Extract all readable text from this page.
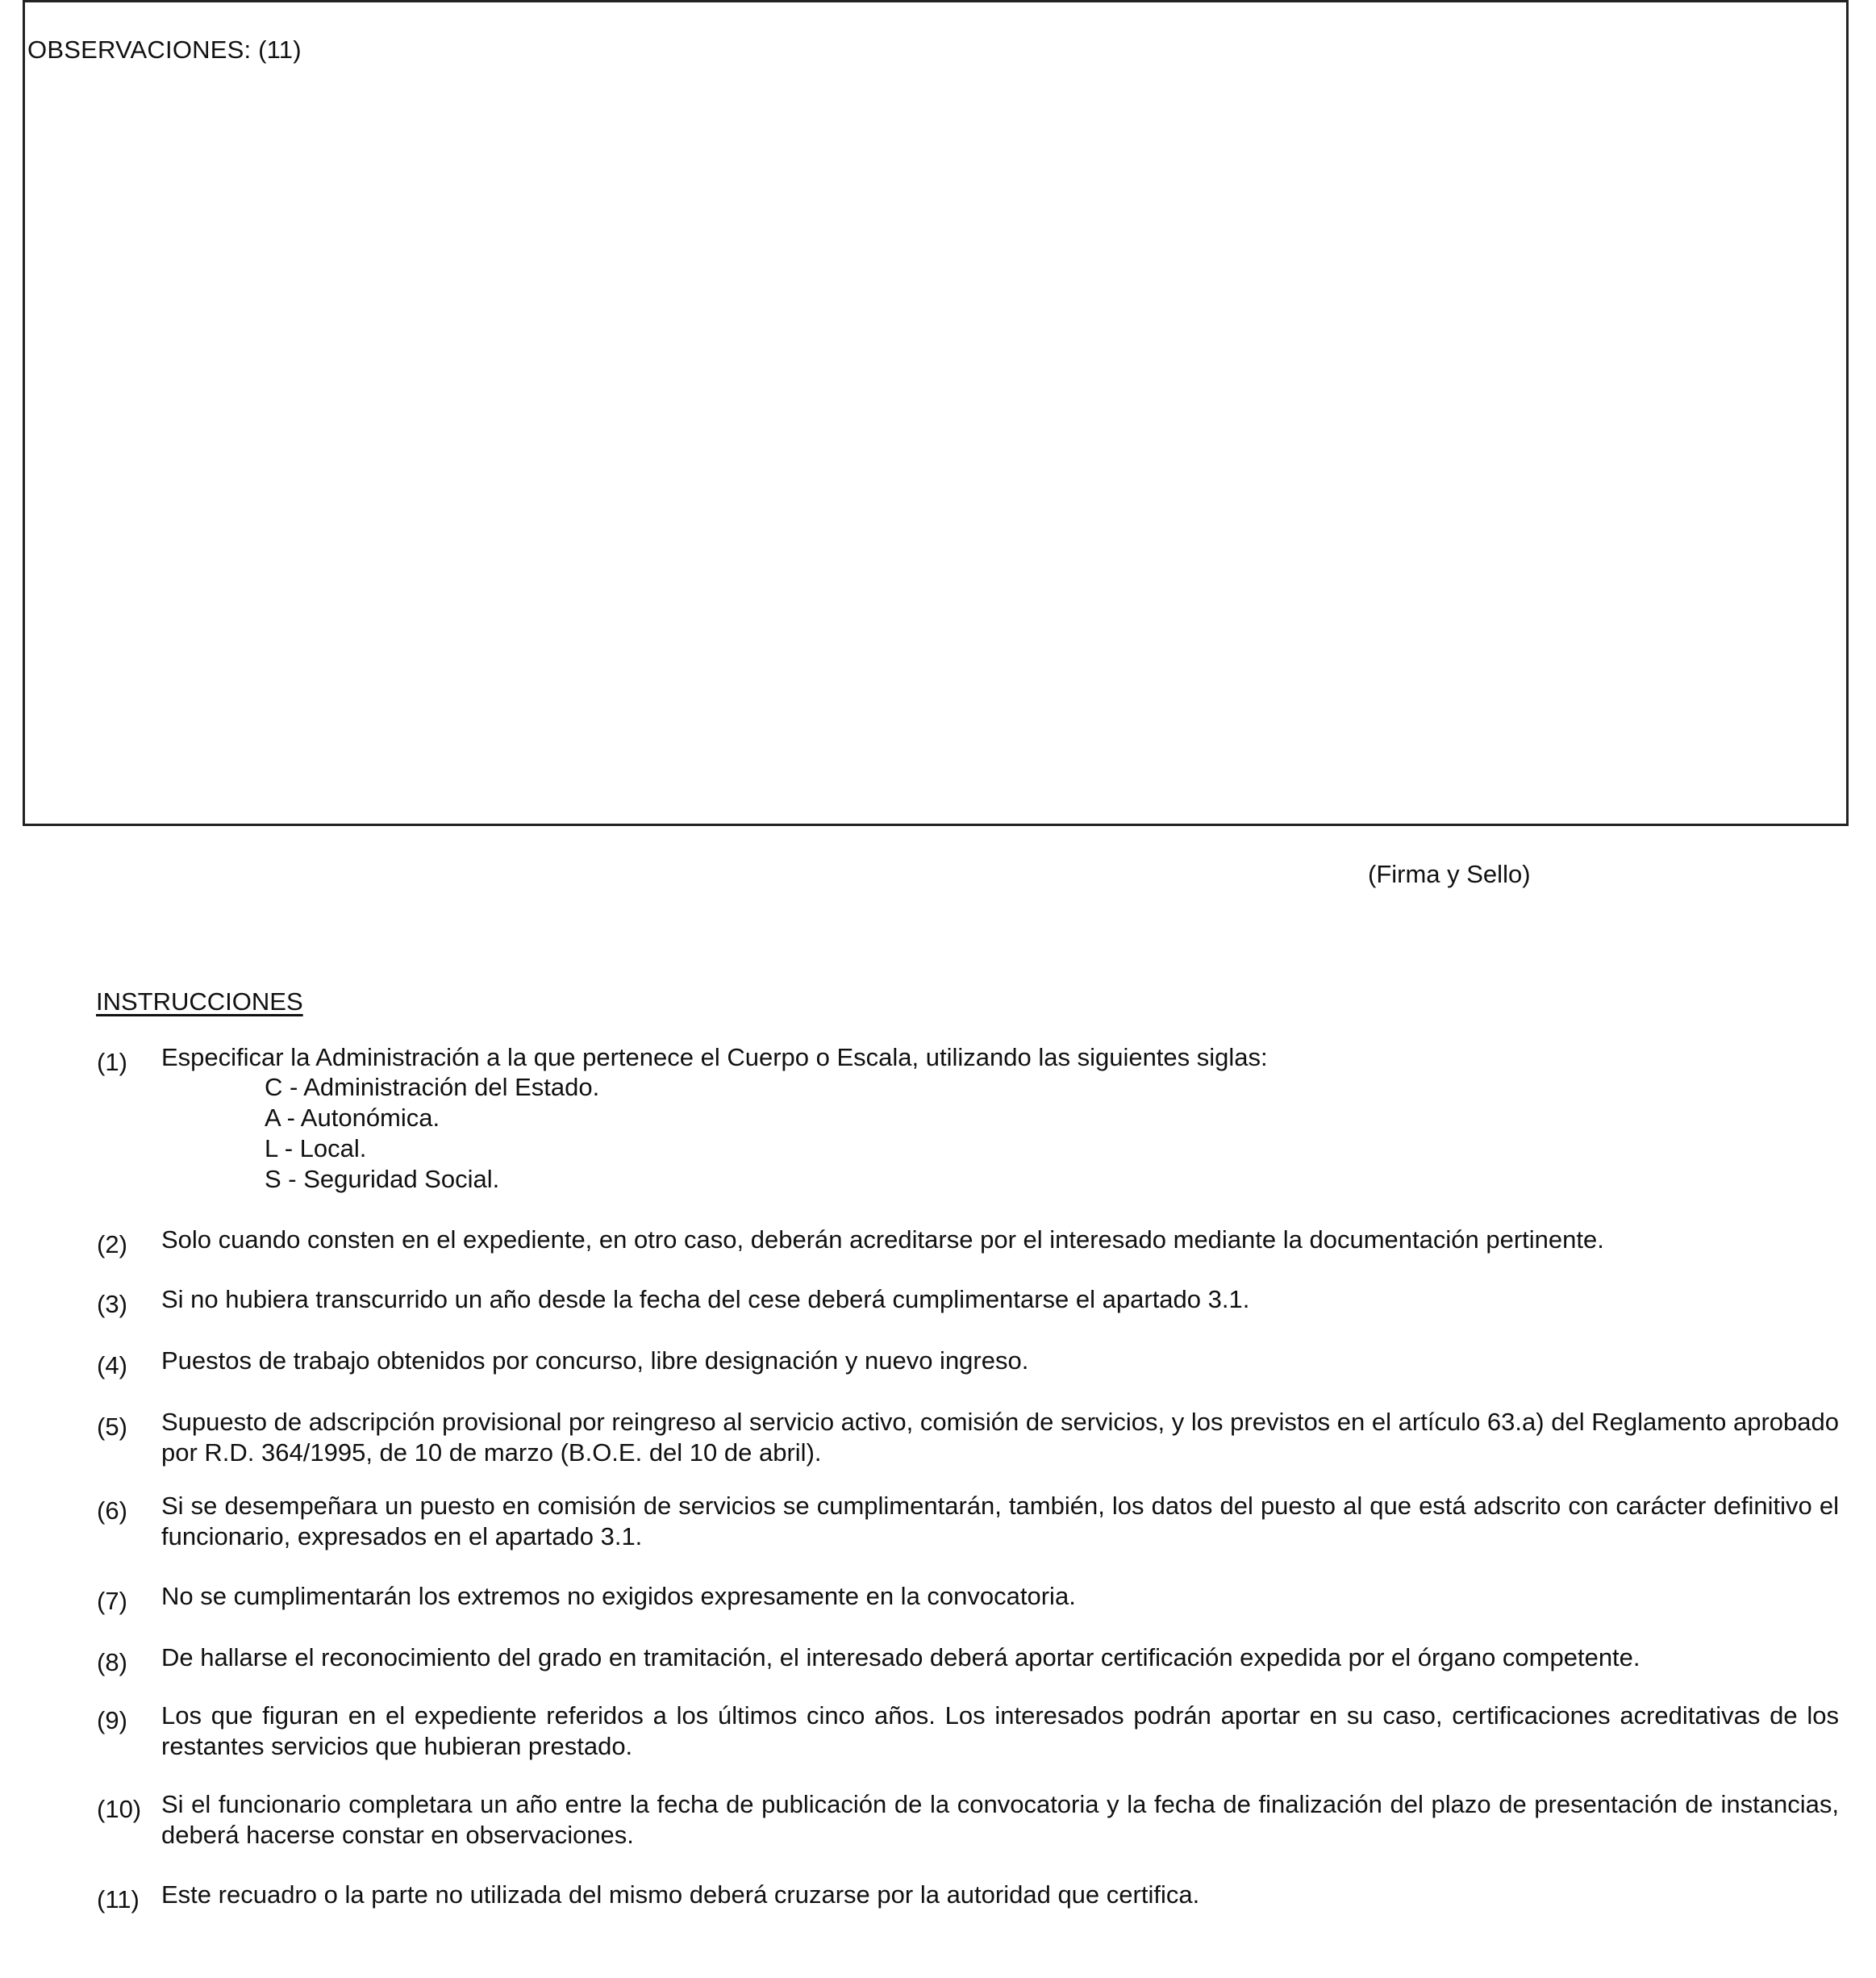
OBSERVACIONES: (11)
(Firma y Sello)
INSTRUCCIONES
(1)	Especificar la Administración a la que pertenece el Cuerpo o Escala, utilizando las siguientes siglas:
C - Administración del Estado.
A - Autonómica.
L - Local.
S - Seguridad Social.
(2)	Solo cuando consten en el expediente, en otro caso, deberán acreditarse por el interesado mediante la documentación pertinente.
(3)	Si no hubiera transcurrido un año desde la fecha del cese deberá cumplimentarse el apartado 3.1.
(4)	Puestos de trabajo obtenidos por concurso, libre designación y nuevo ingreso.
(5)	Supuesto de adscripción provisional por reingreso al servicio activo, comisión de servicios, y los previstos en el artículo 63.a) del Reglamento aprobado por R.D. 364/1995, de 10 de marzo (B.O.E. del 10 de abril).
(6)	Si se desempeñara un puesto en comisión de servicios se cumplimentarán, también, los datos del puesto al que está adscrito con carácter definitivo el funcionario, expresados en el apartado 3.1.
(7)	No se cumplimentarán los extremos no exigidos expresamente en la convocatoria.
(8)	De hallarse el reconocimiento del grado en tramitación, el interesado deberá aportar certificación expedida por el órgano competente.
(9)	Los que figuran en el expediente referidos a los últimos cinco años. Los interesados podrán aportar en su caso, certificaciones acreditativas de los restantes servicios que hubieran prestado.
(10) Si el funcionario completara un año entre la fecha de publicación de la convocatoria y la fecha de finalización del plazo de presentación de instancias, deberá hacerse constar en observaciones.
(11) Este recuadro o la parte no utilizada del mismo deberá cruzarse por la autoridad que certifica.
